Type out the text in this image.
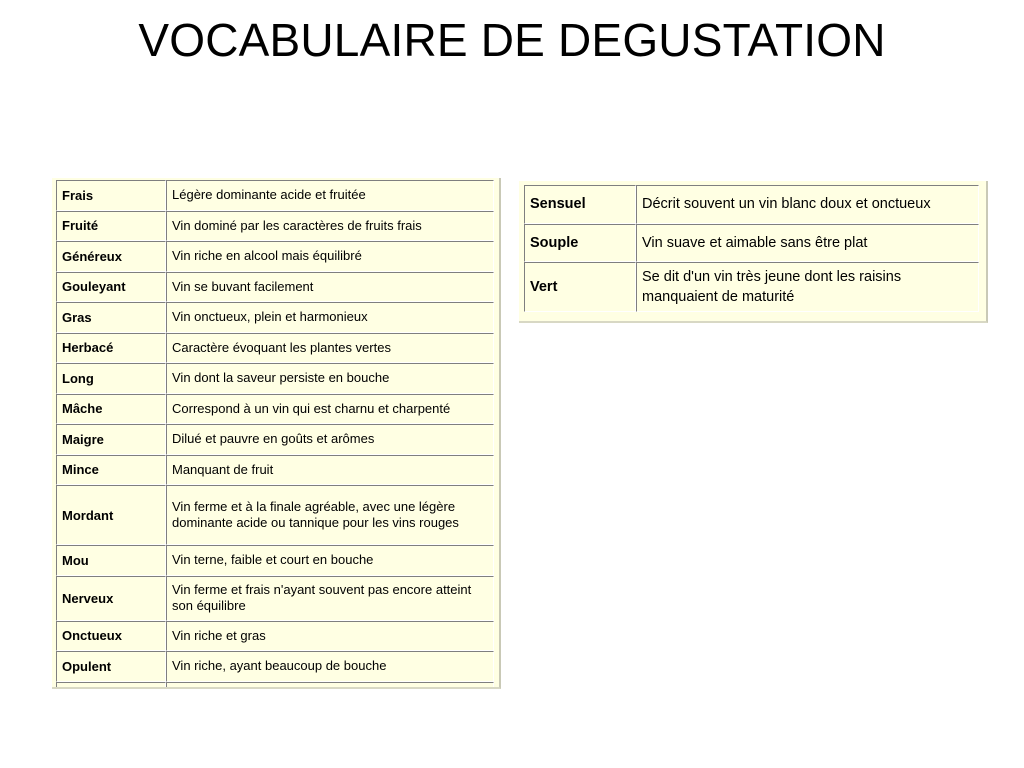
VOCABULAIRE DE DEGUSTATION
Frais	Légère dominante acide et fruitée
Fruité	Vin dominé par les caractères de fruits frais
Généreux	Vin riche en alcool mais équilibré
Gouleyant	Vin se buvant facilement
Gras	Vin onctueux, plein et harmonieux
Herbacé	Caractère évoquant les plantes vertes
Long	Vin dont la saveur persiste en bouche
Mâche	Correspond à un vin qui est charnu et charpenté
Maigre	Dilué et pauvre en goûts et arômes
Mince	Manquant de fruit
Mordant	Vin ferme et à la finale agréable, avec une légère dominante acide ou tannique pour les vins rouges
Mou	Vin terne, faible et court en bouche
Nerveux	Vin ferme et frais n'ayant souvent pas encore atteint son équilibre
Onctueux	Vin riche et gras
Opulent	Vin riche, ayant beaucoup de bouche

Sensuel	Décrit souvent un vin blanc doux et onctueux
Souple	Vin suave et aimable sans être plat
Vert	Se dit d'un vin très jeune dont les raisins manquaient de maturité
